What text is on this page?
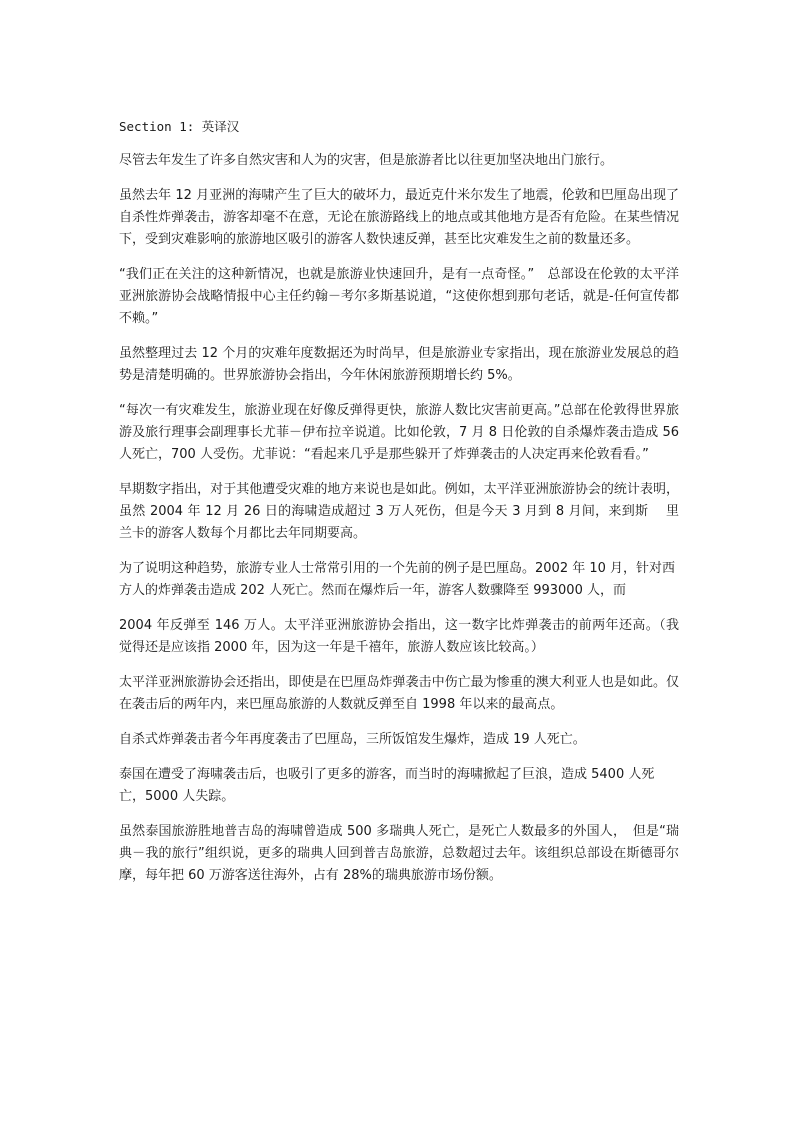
Section 1: 英译汉

尽管去年发生了许多自然灾害和人为的灾害，但是旅游者比以往更加坚决地出门旅行。

虽然去年 12 月亚洲的海啸产生了巨大的破坏力，最近克什米尔发生了地震，伦敦和巴厘岛出现了自杀性炸弹袭击，游客却毫不在意，无论在旅游路线上的地点或其他地方是否有危险。在某些情况下，受到灾难影响的旅游地区吸引的游客人数快速反弹，甚至比灾难发生之前的数量还多。

“我们正在关注的这种新情况，也就是旅游业快速回升，是有一点奇怪。”　总部设在伦敦的太平洋亚洲旅游协会战略情报中心主任约翰－考尔多斯基说道，“这使你想到那句老话，就是-任何宣传都不赖。”

虽然整理过去 12 个月的灾难年度数据还为时尚早，但是旅游业专家指出，现在旅游业发展总的趋势是清楚明确的。世界旅游协会指出，今年休闲旅游预期增长约 5%。

“每次一有灾难发生，旅游业现在好像反弹得更快，旅游人数比灾害前更高。”总部在伦敦得世界旅游及旅行理事会副理事长尤菲－伊布拉辛说道。比如伦敦，7 月 8 日伦敦的自杀爆炸袭击造成 56 人死亡，700 人受伤。尤菲说：“看起来几乎是那些躲开了炸弹袭击的人决定再来伦敦看看。”

早期数字指出，对于其他遭受灾难的地方来说也是如此。例如，太平洋亚洲旅游协会的统计表明，虽然 2004 年 12 月 26 日的海啸造成超过 3 万人死伤，但是今天 3 月到 8 月间，来到斯　 里兰卡的游客人数每个月都比去年同期要高。

为了说明这种趋势，旅游专业人士常常引用的一个先前的例子是巴厘岛。2002 年 10 月，针对西方人的炸弹袭击造成 202 人死亡。然而在爆炸后一年，游客人数骤降至 993000 人，而

2004 年反弹至 146 万人。太平洋亚洲旅游协会指出，这一数字比炸弹袭击的前两年还高。（我　 觉得还是应该指 2000 年，因为这一年是千禧年，旅游人数应该比较高。）

太平洋亚洲旅游协会还指出，即使是在巴厘岛炸弹袭击中伤亡最为惨重的澳大利亚人也是如此。仅在袭击后的两年内，来巴厘岛旅游的人数就反弹至自 1998 年以来的最高点。

自杀式炸弹袭击者今年再度袭击了巴厘岛，三所饭馆发生爆炸，造成 19 人死亡。

泰国在遭受了海啸袭击后，也吸引了更多的游客，而当时的海啸掀起了巨浪，造成 5400 人死亡，5000 人失踪。

虽然泰国旅游胜地普吉岛的海啸曾造成 500 多瑞典人死亡，是死亡人数最多的外国人，　但是“瑞典－我的旅行”组织说，更多的瑞典人回到普吉岛旅游，总数超过去年。该组织总部设在斯德哥尔摩，每年把 60 万游客送往海外，占有 28%的瑞典旅游市场份额。
